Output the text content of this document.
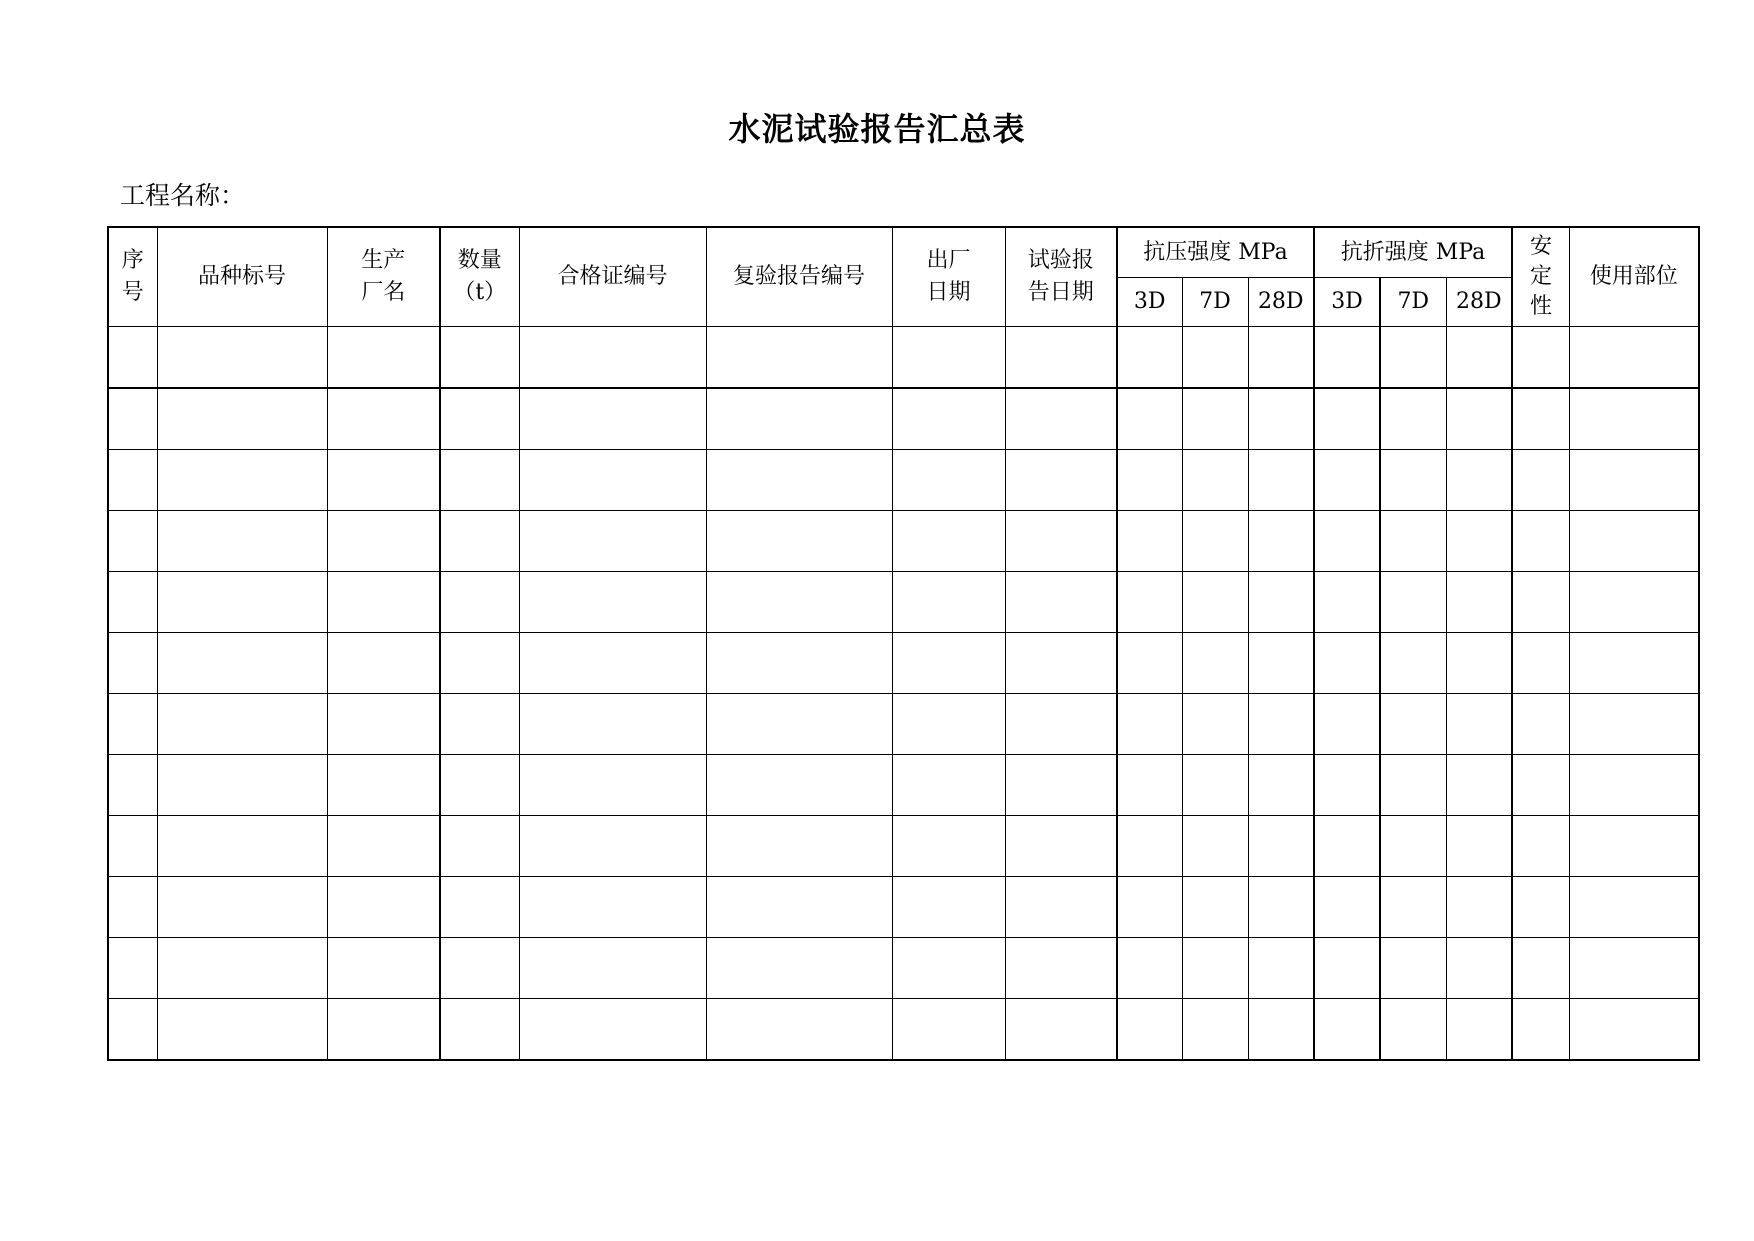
水泥试验报告汇总表
工程名称：
序号	品种标号	生产厂名	数量（t）	合格证编号	复验报告编号	出厂日期	试验报告日期	抗压强度 MPa			抗折强度 MPa			安定性	使用部位
								3D	7D	28D	3D	7D	28D		
